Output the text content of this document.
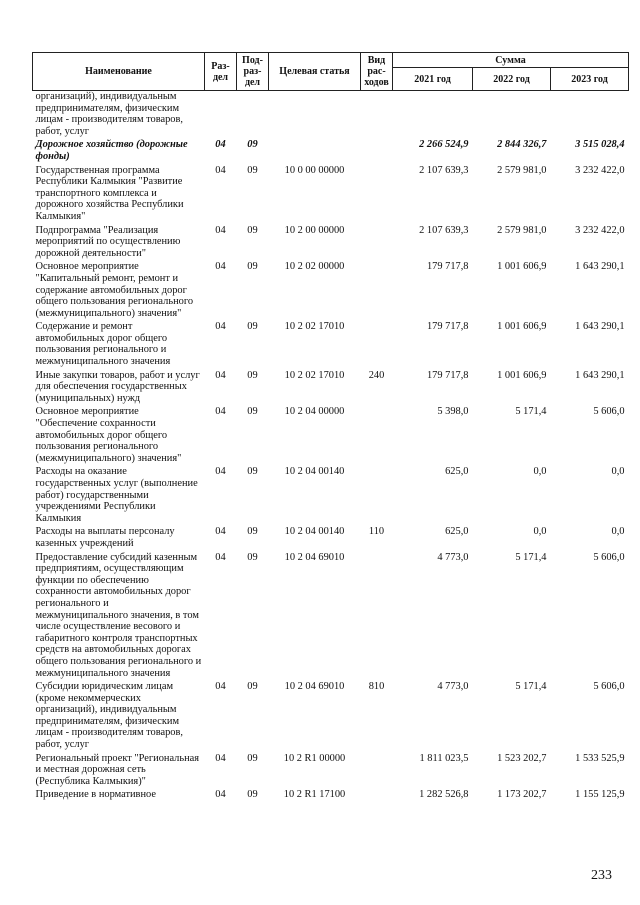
Наименование	Раз- дел	Под- раз- дел	Целевая статья	Вид рас- ходов	Сумма		
					2021 год	2022 год	2023 год
организаций), индивидуальным предпринимателям, физическим лицам - производителям товаров, работ, услуг							
Дорожное хозяйство (дорожные фонды)	04	09			2 266 524,9	2 844 326,7	3 515 028,4
Государственная программа Республики Калмыкия "Развитие транспортного комплекса и дорожного хозяйства Республики Калмыкия"	04	09	10 0 00 00000		2 107 639,3	2 579 981,0	3 232 422,0
Подпрограмма "Реализация мероприятий по осуществлению дорожной деятельности"	04	09	10 2 00 00000		2 107 639,3	2 579 981,0	3 232 422,0
Основное мероприятие "Капитальный ремонт, ремонт и содержание автомобильных дорог общего пользования регионального (межмуниципального) значения"	04	09	10 2 02 00000		179 717,8	1 001 606,9	1 643 290,1
Содержание и ремонт автомобильных дорог общего пользования регионального и межмуниципального значения	04	09	10 2 02 17010		179 717,8	1 001 606,9	1 643 290,1
Иные закупки товаров, работ и услуг для обеспечения государственных (муниципальных) нужд	04	09	10 2 02 17010	240	179 717,8	1 001 606,9	1 643 290,1
Основное мероприятие "Обеспечение сохранности автомобильных дорог общего пользования регионального (межмуниципального) значения"	04	09	10 2 04 00000		5 398,0	5 171,4	5 606,0
Расходы на оказание государственных услуг (выполнение работ) государственными учреждениями Республики Калмыкия	04	09	10 2 04 00140		625,0	0,0	0,0
Расходы на выплаты персоналу казенных учреждений	04	09	10 2 04 00140	110	625,0	0,0	0,0
Предоставление субсидий казенным предприятиям, осуществляющим функции по обеспечению сохранности автомобильных дорог регионального и межмуниципального значения, в том числе осуществление весового и габаритного контроля транспортных средств на автомобильных дорогах общего пользования регионального и межмуниципального значения	04	09	10 2 04 69010		4 773,0	5 171,4	5 606,0
Субсидии юридическим лицам (кроме некоммерческих организаций), индивидуальным предпринимателям, физическим лицам - производителям товаров, работ, услуг	04	09	10 2 04 69010	810	4 773,0	5 171,4	5 606,0
Региональный проект "Региональная и местная дорожная сеть (Республика Калмыкия)"	04	09	10 2 R1 00000		1 811 023,5	1 523 202,7	1 533 525,9
Приведение в нормативное	04	09	10 2 R1 17100		1 282 526,8	1 173 202,7	1 155 125,9
233
